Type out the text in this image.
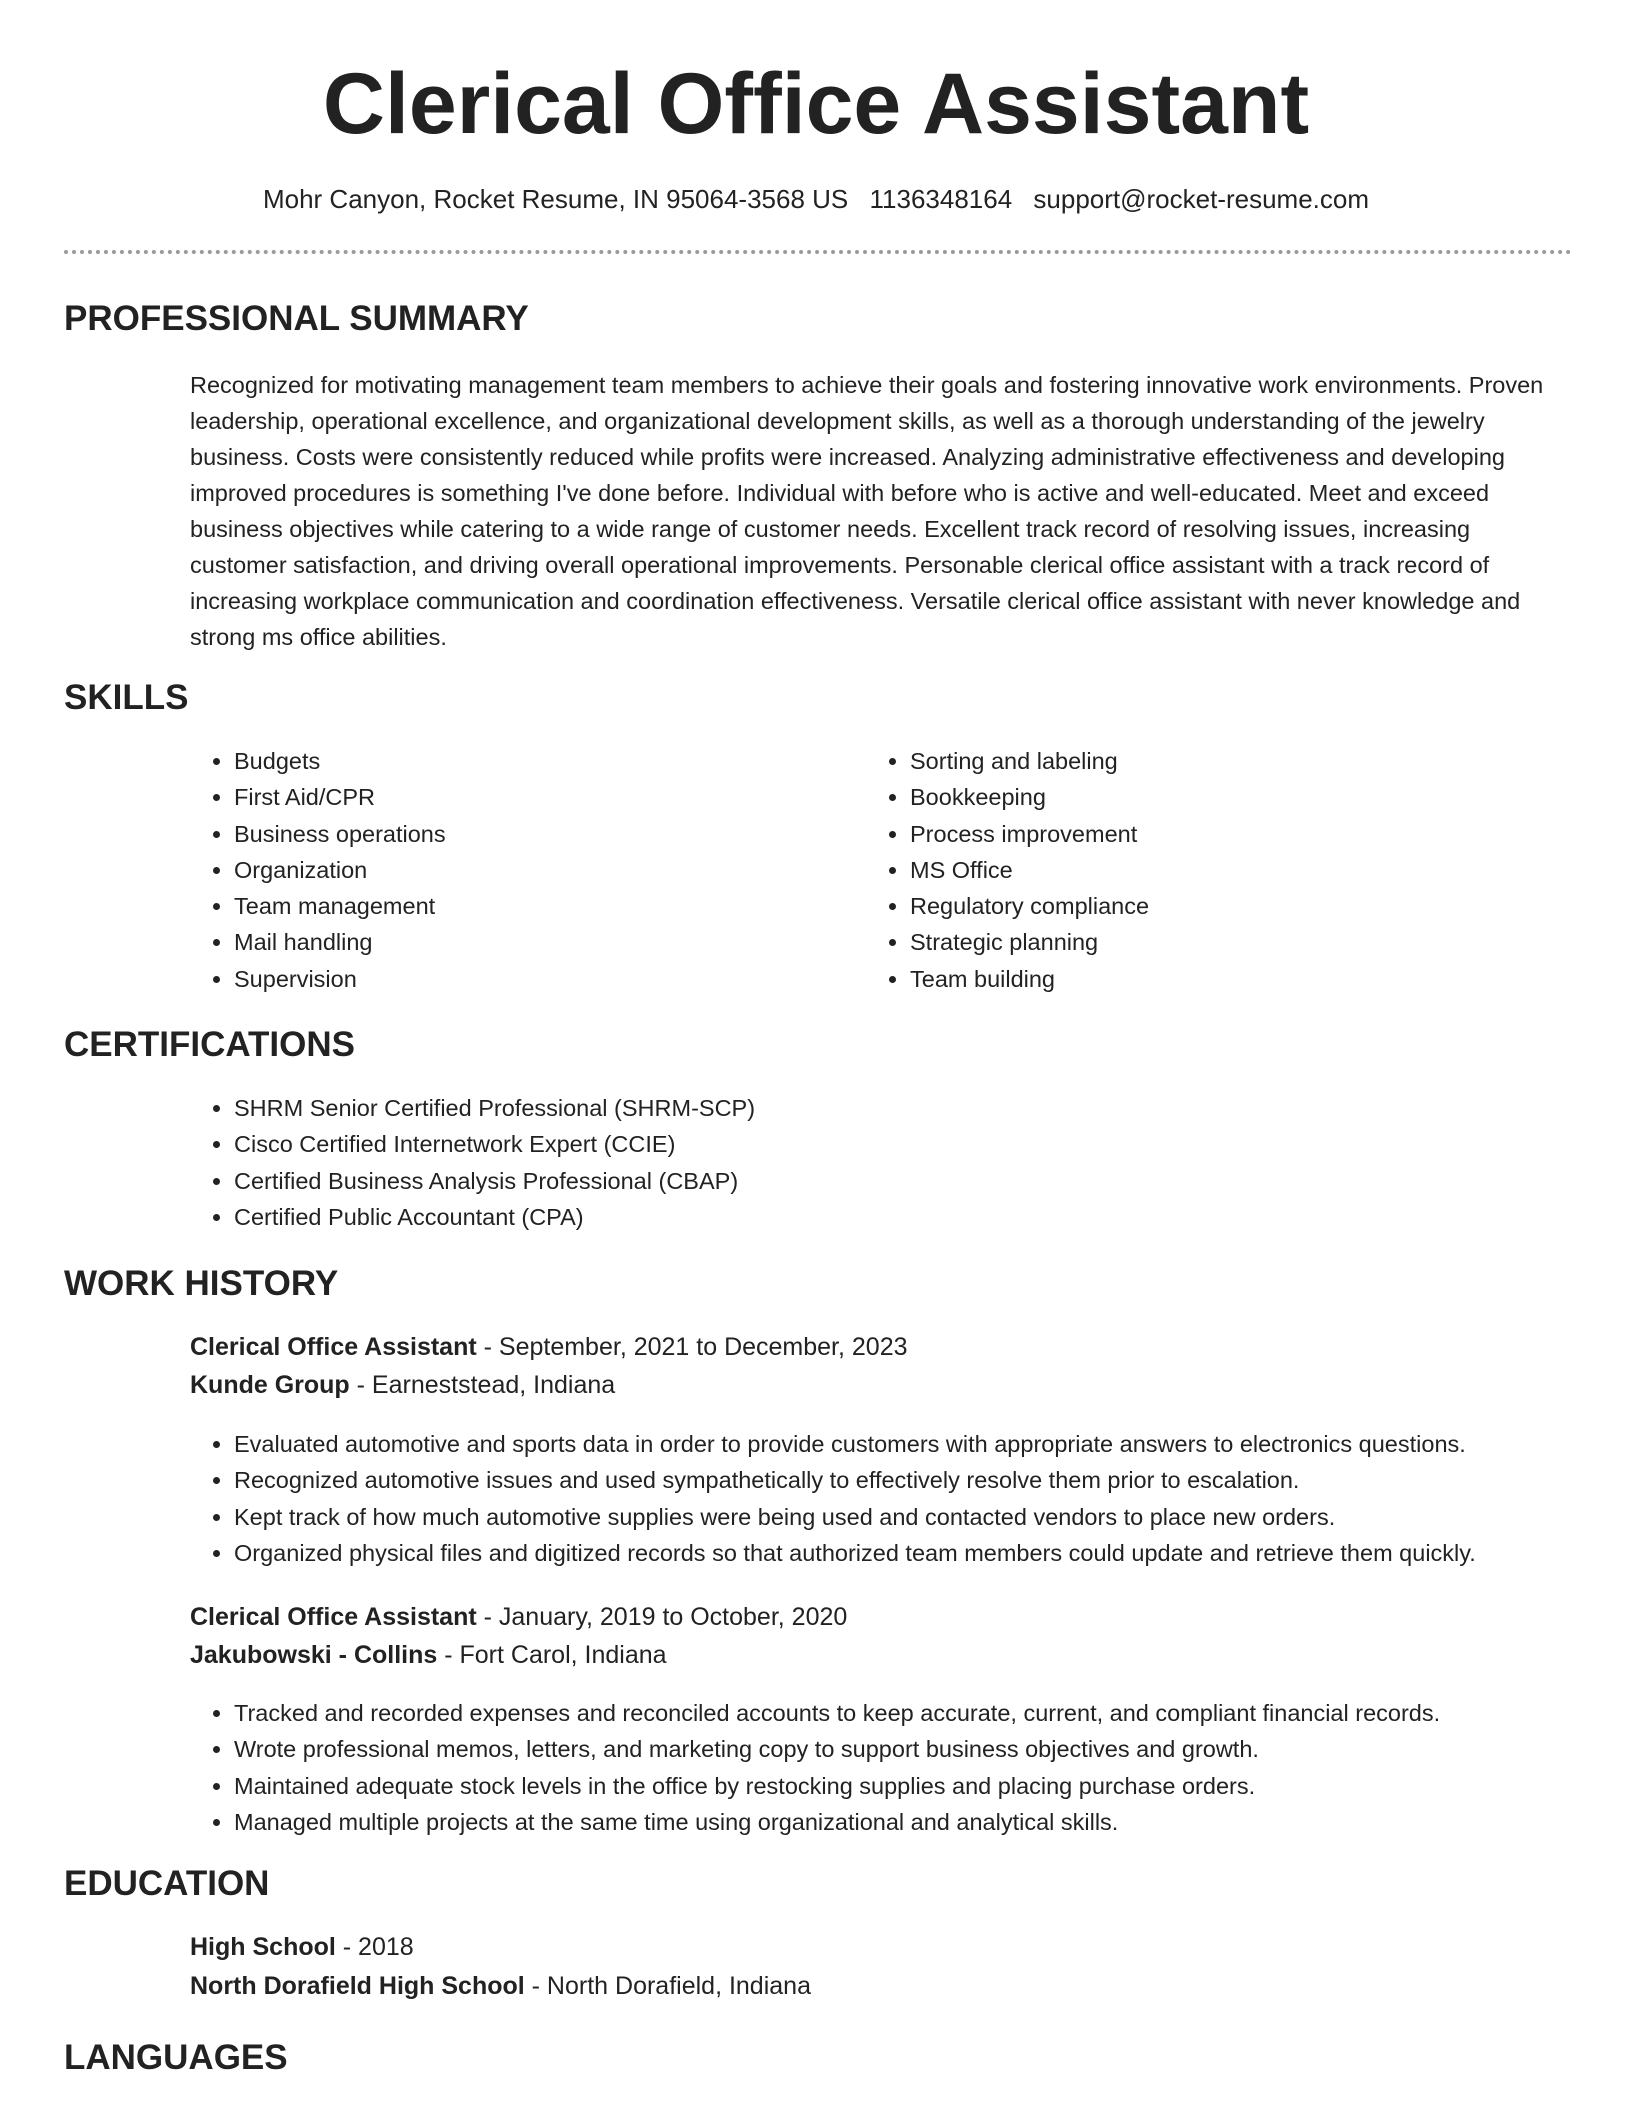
Clerical Office Assistant
Mohr Canyon, Rocket Resume, IN 95064-3568 US 1136348164 support@rocket-resume.com
PROFESSIONAL SUMMARY

Recognized for motivating management team members to achieve their goals and fostering innovative work environments. Proven leadership, operational excellence, and organizational development skills, as well as a thorough understanding of the jewelry business. Costs were consistently reduced while profits were increased. Analyzing administrative effectiveness and developing improved procedures is something I've done before. Individual with before who is active and well-educated. Meet and exceed business objectives while catering to a wide range of customer needs. Excellent track record of resolving issues, increasing customer satisfaction, and driving overall operational improvements. Personable clerical office assistant with a track record of increasing workplace communication and coordination effectiveness. Versatile clerical office assistant with never knowledge and strong ms office abilities.

SKILLS
• Budgets
• First Aid/CPR
• Business operations
• Organization
• Team management
• Mail handling
• Supervision
• Sorting and labeling
• Bookkeeping
• Process improvement
• MS Office
• Regulatory compliance
• Strategic planning
• Team building
CERTIFICATIONS
• SHRM Senior Certified Professional (SHRM-SCP)
• Cisco Certified Internetwork Expert (CCIE)
• Certified Business Analysis Professional (CBAP)
• Certified Public Accountant (CPA)
WORK HISTORY
Clerical Office Assistant - September, 2021 to December, 2023
Kunde Group - Earneststead, Indiana
• Evaluated automotive and sports data in order to provide customers with appropriate answers to electronics questions.
• Recognized automotive issues and used sympathetically to effectively resolve them prior to escalation.
• Kept track of how much automotive supplies were being used and contacted vendors to place new orders.
• Organized physical files and digitized records so that authorized team members could update and retrieve them quickly.
Clerical Office Assistant - January, 2019 to October, 2020
Jakubowski - Collins - Fort Carol, Indiana
• Tracked and recorded expenses and reconciled accounts to keep accurate, current, and compliant financial records.
• Wrote professional memos, letters, and marketing copy to support business objectives and growth.
• Maintained adequate stock levels in the office by restocking supplies and placing purchase orders.
• Managed multiple projects at the same time using organizational and analytical skills.
EDUCATION
High School - 2018
North Dorafield High School - North Dorafield, Indiana
LANGUAGES
